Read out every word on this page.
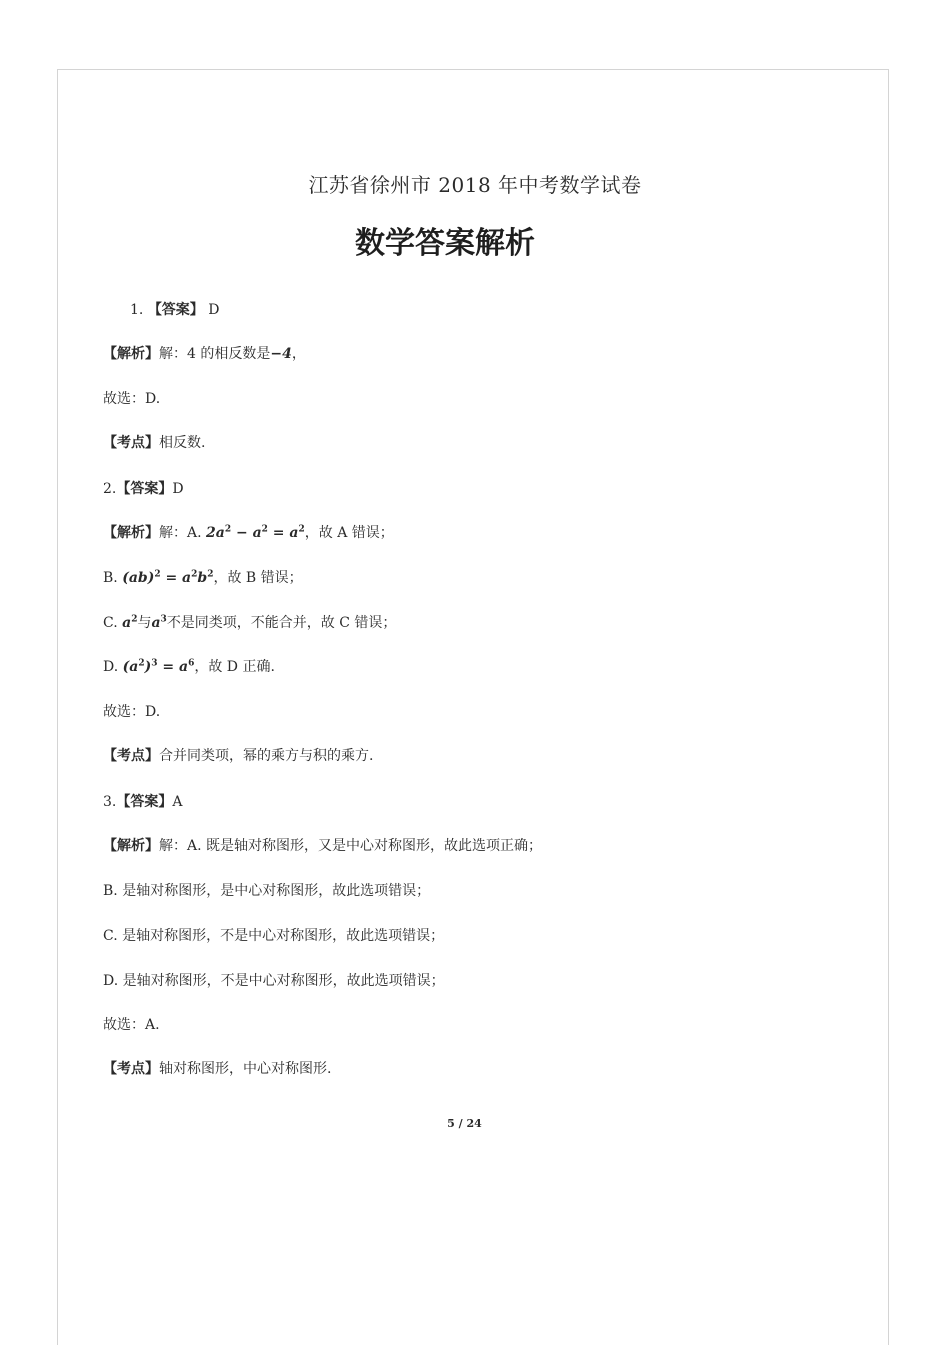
江苏省徐州市 2018 年中考数学试卷
数学答案解析
1. 【答案】 D
【解析】解：4 的相反数是−4，
故选：D.
【考点】相反数.
2.【答案】D
【解析】解：A. $2a^2 - a^2 = a^2$，故 A 错误；
B. $(ab)^2 = a^2b^2$，故 B 错误；
C. $a^2$与$a^3$不是同类项，不能合并，故 C 错误；
D. $(a^2)^3 = a^6$，故 D 正确.
故选：D.
【考点】合并同类项，幂的乘方与积的乘方.
3.【答案】A
【解析】解：A. 既是轴对称图形，又是中心对称图形，故此选项正确；
B. 是轴对称图形，是中心对称图形，故此选项错误；
C. 是轴对称图形，不是中心对称图形，故此选项错误；
D. 是轴对称图形，不是中心对称图形，故此选项错误；
故选：A.
【考点】轴对称图形，中心对称图形.
5 / 24
